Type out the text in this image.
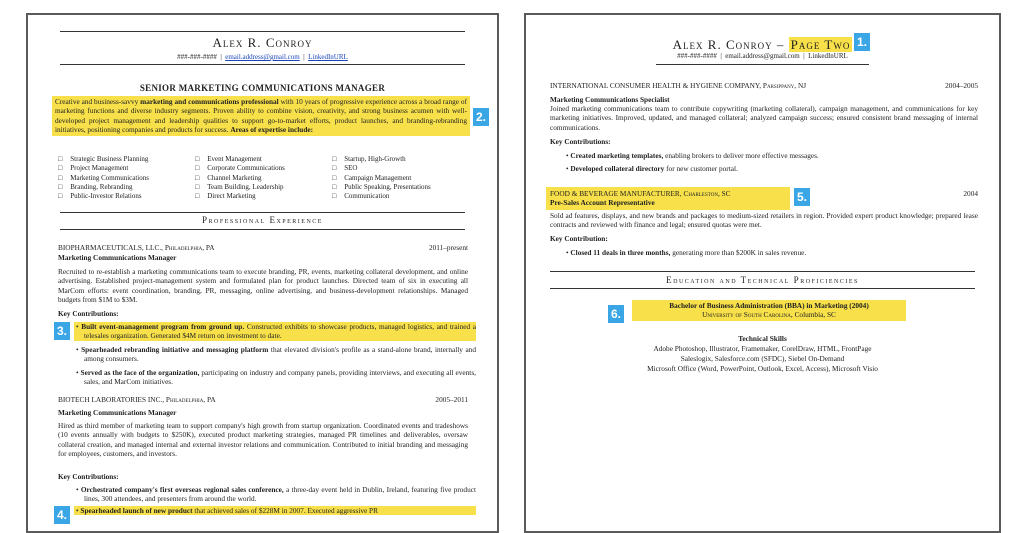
Alex R. Conroy
###-###-####  |  email.address@gmail.com  |  LinkedInURL
SENIOR MARKETING COMMUNICATIONS MANAGER
Creative and business-savvy marketing and communications professional with 10 years of progressive experience across a broad range of marketing functions and diverse industry segments. Proven ability to combine vision, creativity, and strong business acumen with well-developed project management and leadership qualities to support go-to-market efforts, product launches, and branding-rebranding initiatives, positioning companies and products for success. Areas of expertise include:
2.
□ Strategic Business Planning	□ Event Management	□ Startup, High-Growth
□ Project Management	□ Corporate Communications	□ SEO
□ Marketing Communications	□ Channel Marketing	□ Campaign Management
□ Branding, Rebranding	□ Team Building, Leadership	□ Public Speaking, Presentations
□ Public-Investor Relations	□ Direct Marketing	□ Communication
Professional Experience
BIOPHARMACEUTICALS, LLC., Philadelphia, PA	2011–present
Marketing Communications Manager
Recruited to re-establish a marketing communications team to execute branding, PR, events, marketing collateral development, and online advertising. Established project-management system and formulated plan for product launches. Directed team of six in executing all MarCom efforts: event coordination, branding, PR, messaging, online advertising, and business-development relationships. Managed budgets from $1M to $3M.
Key Contributions:
3.	• Built event-management program from ground up. Constructed exhibits to showcase products, managed logistics, and trained a telesales organization. Generated $4M return on investment to date.
• Spearheaded rebranding initiative and messaging platform that elevated division's profile as a stand-alone brand, internally and among consumers.
• Served as the face of the organization, participating on industry and company panels, providing interviews, and executing all events, sales, and MarCom initiatives.
BIOTECH LABORATORIES INC., Philadelphia, PA	2005–2011
Marketing Communications Manager
Hired as third member of marketing team to support company's high growth from startup organization. Coordinated events and tradeshows (10 events annually with budgets to $250K), executed product marketing strategies, managed PR timelines and deliverables, oversaw collateral creation, and managed internal and external investor relations and communication. Contributed to initial branding and messaging for employees, customers, and investors.
Key Contributions:
• Orchestrated company's first overseas regional sales conference, a three-day event held in Dublin, Ireland, featuring five product lines, 300 attendees, and presenters from around the world.
4.	• Spearheaded launch of new product that achieved sales of $228M in 2007. Executed aggressive PR
Alex R. Conroy – Page Two 1.
###-###-####  |  email.address@gmail.com  |  LinkedInURL
INTERNATIONAL CONSUMER HEALTH & HYGIENE COMPANY, Parsippany, NJ	2004–2005
Marketing Communications Specialist
Joined marketing communications team to contribute copywriting (marketing collateral), campaign management, and communications for key marketing initiatives. Improved, updated, and managed collateral; analyzed campaign success; ensured consistent brand messaging of internal communications.
Key Contributions:
• Created marketing templates, enabling brokers to deliver more effective messages.
• Developed collateral directory for new customer portal.
FOOD & BEVERAGE MANUFACTURER, Charleston, SC
Pre-Sales Account Representative	5.	2004
Sold ad features, displays, and new brands and packages to medium-sized retailers in region. Provided expert product knowledge; prepared lease contracts and reviewed with finance and legal; ensured quotas were met.
Key Contribution:
• Closed 11 deals in three months, generating more than $200K in sales revenue.
Education and Technical Proficiencies
6.
Bachelor of Business Administration (BBA) in Marketing (2004)
University of South Carolina, Columbia, SC
Technical Skills
Adobe Photoshop, Illustrator, Framemaker, CorelDraw, HTML, FrontPage
Saleslogix, Salesforce.com (SFDC), Siebel On-Demand
Microsoft Office (Word, PowerPoint, Outlook, Excel, Access), Microsoft Visio
